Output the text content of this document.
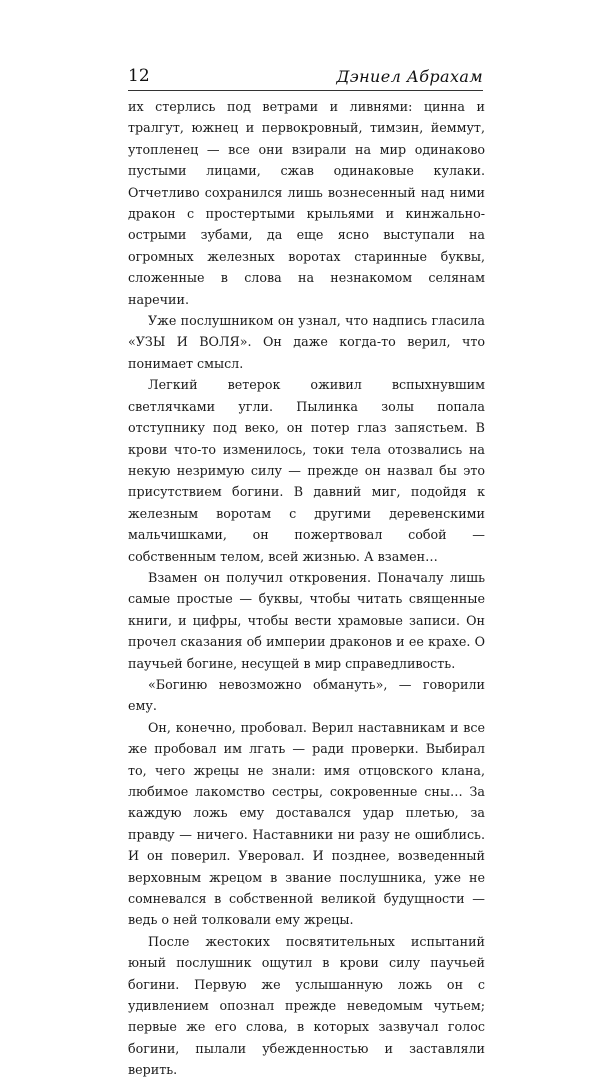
12	Дэниел Абрахам

их стерлись под ветрами и ливнями: цинна и тралгут, южнец и первокровный, тимзин, йеммут, утопленец — все они взирали на мир одинаково пустыми лицами, сжав одинаковые кулаки. Отчетливо сохранился лишь вознесенный над ними дракон с простертыми крыльями и кинжально-острыми зубами, да еще ясно выступали на огромных железных воротах старинные буквы, сложенные в слова на незнакомом селянам наречии.

Уже послушником он узнал, что надпись гласила «УЗЫ И ВОЛЯ». Он даже когда-то верил, что понимает смысл.

Легкий ветерок оживил вспыхнувшим светлячками угли. Пылинка золы попала отступнику под веко, он потер глаз запястьем. В крови что-то изменилось, токи тела отозвались на некую незримую силу — прежде он назвал бы это присутствием богини. В давний миг, подойдя к железным воротам с другими деревенскими мальчишками, он пожертвовал собой — собственным телом, всей жизнью. А взамен…

Взамен он получил откровения. Поначалу лишь самые простые — буквы, чтобы читать священные книги, и цифры, чтобы вести храмовые записи. Он прочел сказания об империи драконов и ее крахе. О паучьей богине, несущей в мир справедливость.

«Богиню невозможно обмануть», — говорили ему.

Он, конечно, пробовал. Верил наставникам и все же пробовал им лгать — ради проверки. Выбирал то, чего жрецы не знали: имя отцовского клана, любимое лакомство сестры, сокровенные сны… За каждую ложь ему доставался удар плетью, за правду — ничего. Наставники ни разу не ошиблись. И он поверил. Уверовал. И позднее, возведенный верховным жрецом в звание послушника, уже не сомневался в собственной великой будущности — ведь о ней толковали ему жрецы.

После жестоких посвятительных испытаний юный послушник ощутил в крови силу паучьей богини. Первую же услышанную ложь он с удивлением опознал прежде неведомым чутьем; первые же его слова, в которых зазвучал голос богини, пылали убежденностью и заставляли верить.
